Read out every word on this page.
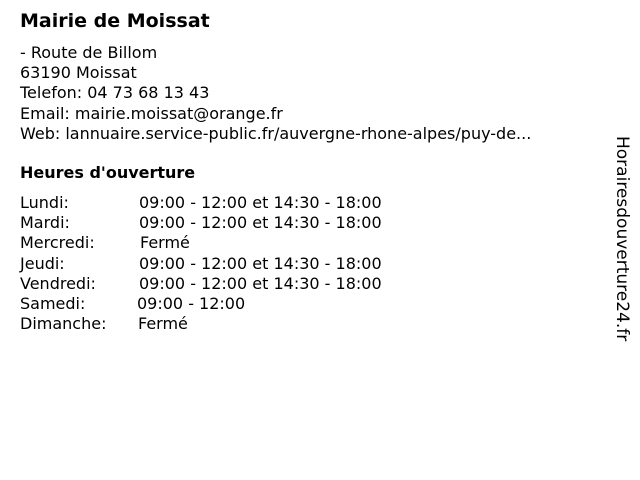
Mairie de Moissat
- Route de Billom
63190 Moissat
Telefon: 04 73 68 13 43
Email: mairie.moissat@orange.fr
Web: lannuaire.service-public.fr/auvergne-rhone-alpes/puy-de...
Heures d'ouverture
Lundi:	09:00 - 12:00 et 14:30 - 18:00
Mardi:	09:00 - 12:00 et 14:30 - 18:00
Mercredi:	Fermé
Jeudi:	09:00 - 12:00 et 14:30 - 18:00
Vendredi:	09:00 - 12:00 et 14:30 - 18:00
Samedi:	09:00 - 12:00
Dimanche: Fermé	Horairesdouverture24.fr
